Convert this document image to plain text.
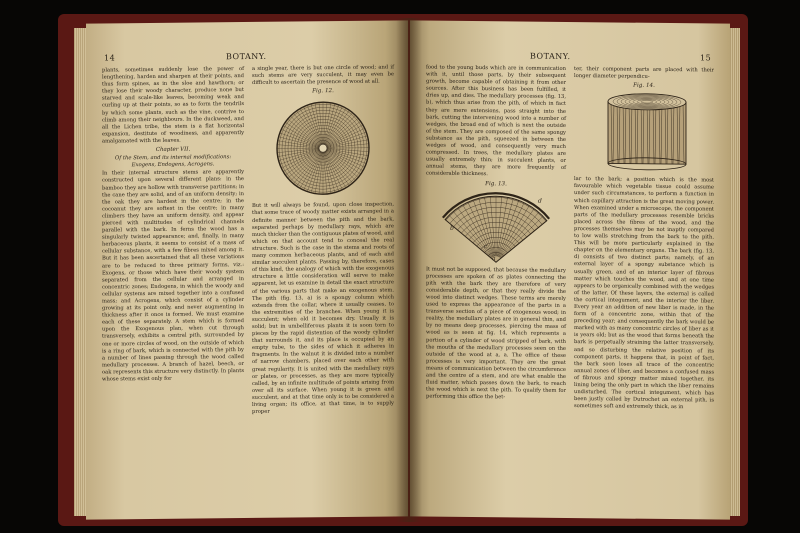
14	BOTANY.
plants, sometimes suddenly lose the power of lengthening, harden and sharpen at their points, and thus form spines, as in the sloe and hawthorn; or they lose their woody character, produce none but starved and scale-like leaves, becoming weak and curling up at their points, so as to form the tendrils by which some plants, such as the vine, contrive to climb among their neighbours. In the duckweed, and all the Lichen tribe, the stem is a flat horizontal expansion, destitute of woodiness, and apparently amalgamated with the leaves.
Chapter VII.
Of the Stem, and its internal modifications: Exogens, Endogens, Acrogens.
In their internal structure stems are apparently constructed upon several different plans: in the bamboo they are hollow with transverse partitions; in the cane they are solid, and of an uniform density; in the oak they are hardest in the centre; in the cocoanut they are softest in the centre; in many climbers they have an uniform density, and appear pierced with multitudes of cylindrical channels parallel with the bark. In ferns the wood has a singularly twisted appearance; and, finally, in many herbaceous plants, it seems to consist of a mass of cellular substance, with a few fibres mixed among it. But it has been ascertained that all these variations are to be reduced to three primary forms, viz.: Exogens, or those which have their woody system separated from the cellular and arranged in concentric zones; Endogens, in which the woody and cellular systems are mixed together into a confused mass; and Acrogens, which consist of a cylinder growing at its point only, and never augmenting in thickness after it once is formed. We must examine each of these separately. A stem which is formed upon the Exogenous plan, when cut through transversely, exhibits a central pith, surrounded by one or more circles of wood, on the outside of which is a ring of bark, which is connected with the pith by a number of lines passing through the wood called medullary processes. A branch of hazel, beech, or oak represents this structure very distinctly. In plants whose stems exist only for
a single year, there is but one circle of wood; and if such stems are very succulent, it may even be difficult to ascertain the presence of wood at all.
Fig. 12.
But it will always be found, upon close inspection, that some trace of woody matter exists arranged in a definite manner between the pith and the bark, separated perhaps by medullary rays, which are much thicker than the contiguous plates of wood, and which on that account tend to conceal the real structure. Such is the case in the stems and roots of many common herbaceous plants, and of each and similar succulent plants. Passing by, therefore, cases of this kind, the analogy of which with the exogenous structure a little consideration will serve to make apparent, let us examine in detail the exact structure of the various parts that make an exogenous stem. The pith (fig. 13, a) is a spongy column which extends from the collar, where it usually ceases, to the extremities of the branches. When young it is succulent; when old it becomes dry. Usually it is solid; but in umbelliferous plants it is soon torn to pieces by the rapid distention of the woody cylinder that surrounds it, and its place is occupied by an empty tube, to the sides of which it adheres in fragments. In the walnut it is divided into a number of narrow chambers, placed over each other with great regularity. It is united with the medullary rays or plates, or processes, as they are more typically called, by an infinite multitude of points arising from over all its surface. When young it is green and succulent, and at that time only is to be considered a living organ; its office, at that time, is to supply proper
BOTANY.	15
food to the young buds which are in communication with it, until those parts, by their subsequent growth, become capable of obtaining it from other sources. After this business has been fulfilled, it dries up, and dies. The medullary processes (fig. 13, b), which thus arise from the pith, of which in fact they are mere extensions, pass straight into the bark, cutting the intervening wood into a number of wedges, the broad end of which is next the outside of the stem. They are composed of the same spongy substance as the pith, squeezed in between the wedges of wood, and consequently very much compressed. In trees, the medullary plates are usually extremely thin; in succulent plants, or annual stems, they are more frequently of considerable thickness.
Fig. 13.
a
b
c
d
It must not be supposed, that because the medullary processes are spoken of as plates connecting the pith with the bark they are therefore of very considerable depth, or that they really divide the wood into distinct wedges. These terms are merely used to express the appearance of the parts in a transverse section of a piece of exogenous wood; in reality, the medullary plates are in general thin, and by no means deep processes, piercing the mass of wood as is seen at fig. 14, which represents a portion of a cylinder of wood stripped of bark, with the mouths of the medullary processes seen on the outside of the wood at a, a. The office of these processes is very important. They are the great means of communication between the circumference and the centre of a stem, and are what enable the fluid matter, which passes down the bark, to reach the wood which is next the pith. To qualify them for performing this office the bet-
ter, their component parts are placed with their longer diameter perpendicu-
Fig. 14.
lar to the bark; a position which is the most favourable which vegetable tissue could assume under such circumstances, to perform a function in which capillary attraction is the great moving power. When examined under a microscope, the component parts of the medullary processes resemble bricks placed across the fibres of the wood, and the processes themselves may be not inaptly compared to low walls stretching from the bark to the pith. This will be more particularly explained in the chapter on the elementary organs. The bark (fig. 13, d) consists of two distinct parts; namely, of an external layer of a spongy substance which is usually green, and of an interior layer of fibrous matter which touches the wood, and at one time appears to be organically combined with the wedges of the latter. Of these layers, the external is called the cortical integument, and the interior the liber. Every year an addition of new liber is made, in the form of a concentric zone, within that of the preceding year; and consequently the bark would be marked with as many concentric circles of liber as it is years old; but as the wood that forms beneath the bark is perpetually straining the latter transversely, and so disturbing the relative position of its component parts, it happens that, in point of fact, the bark soon loses all trace of the concentric annual zones of liber, and becomes a confused mass of fibrous and spongy matter mixed together, its lining being the only part in which the liber remains undisturbed. The cortical integument, which has been justly called by Dutrochet an external pith, is sometimes soft and extremely thick, as in
